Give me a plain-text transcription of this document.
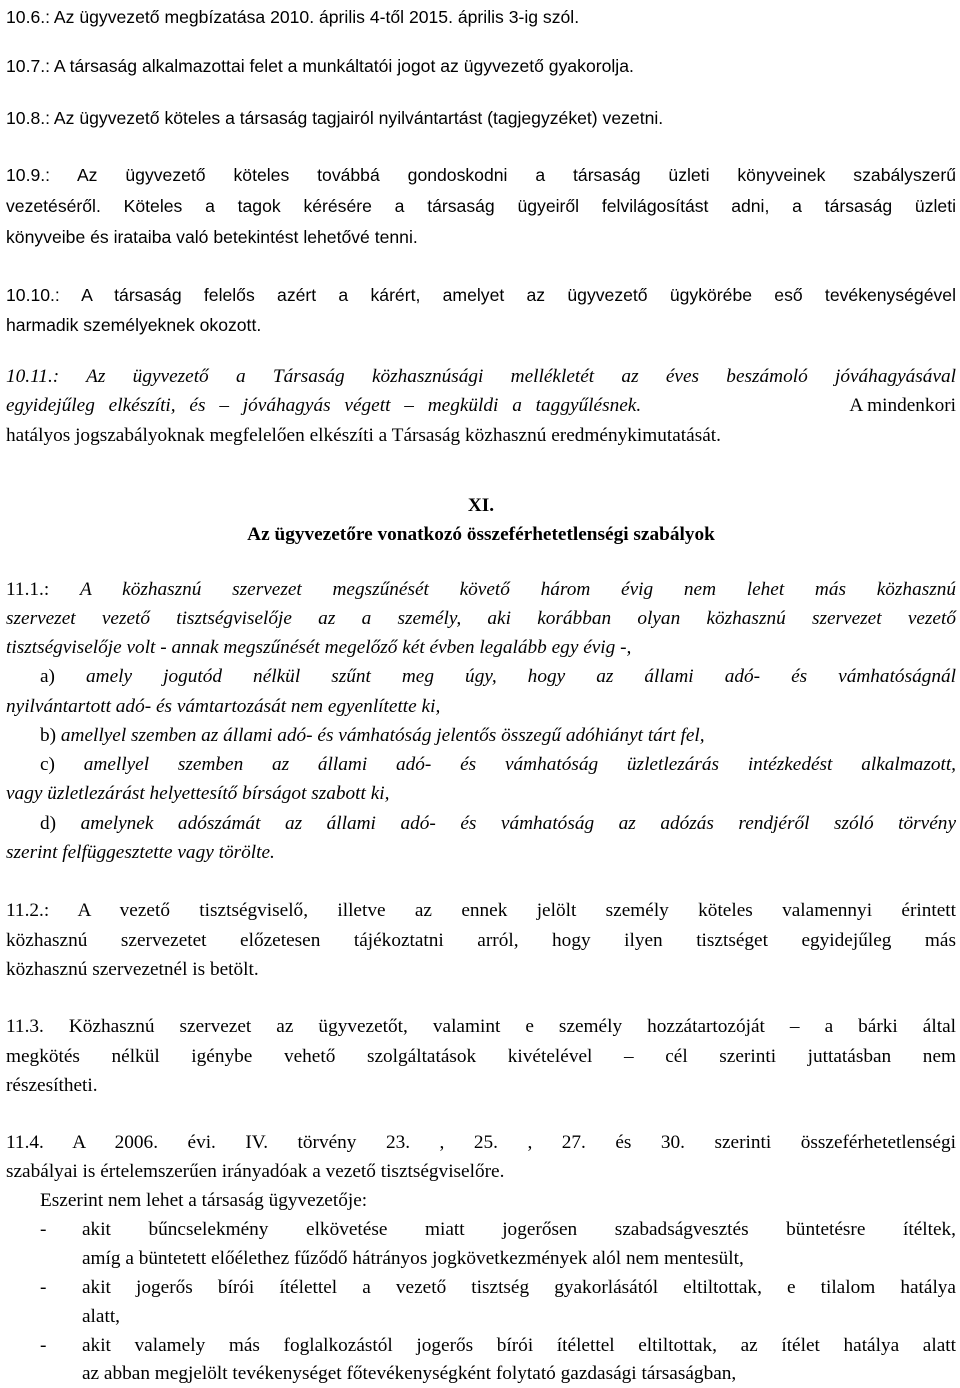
10.6.: Az ügyvezető megbízatása 2010. április 4-től 2015. április 3-ig szól.
10.7.: A társaság alkalmazottai felet a munkáltatói jogot az ügyvezető gyakorolja.
10.8.: Az ügyvezető köteles a társaság tagjairól nyilvántartást (tagjegyzéket) vezetni.
10.9.: Az ügyvezető köteles továbbá gondoskodni a társaság üzleti könyveinek szabályszerű
vezetéséről. Köteles a tagok kérésére a társaság ügyeiről felvilágosítást adni, a társaság üzleti
könyveibe és irataiba való betekintést lehetővé tenni.
10.10.: A társaság felelős azért a kárért, amelyet az ügyvezető ügykörébe eső tevékenységével
harmadik személyeknek okozott.
10.11.: Az ügyvezető a Társaság közhasznúsági mellékletét az éves beszámoló jóváhagyásával
egyidejűleg elkészíti, és – jóváhagyás végett – megküldi a taggyűlésnek.	A mindenkori
hatályos jogszabályoknak megfelelően elkészíti a Társaság közhasznú eredménykimutatását.
XI.
Az ügyvezetőre vonatkozó összeférhetetlenségi szabályok
11.1.: A közhasznú szervezet megszűnését követő három évig nem lehet más közhasznú
szervezet vezető tisztségviselője az a személy, aki korábban olyan közhasznú szervezet vezető
tisztségviselője volt - annak megszűnését megelőző két évben legalább egy évig -,
a) amely jogutód nélkül szűnt meg úgy, hogy az állami adó- és vámhatóságnál
nyilvántartott adó- és vámtartozását nem egyenlítette ki,
b) amellyel szemben az állami adó- és vámhatóság jelentős összegű adóhiányt tárt fel,
c) amellyel szemben az állami adó- és vámhatóság üzletlezárás intézkedést alkalmazott,
vagy üzletlezárást helyettesítő bírságot szabott ki,
d) amelynek adószámát az állami adó- és vámhatóság az adózás rendjéről szóló törvény
szerint felfüggesztette vagy törölte.
11.2.: A vezető tisztségviselő, illetve az ennek jelölt személy köteles valamennyi érintett
közhasznú szervezetet előzetesen tájékoztatni arról, hogy ilyen tisztséget egyidejűleg más
közhasznú szervezetnél is betölt.
11.3. Közhasznú szervezet az ügyvezetőt, valamint e személy hozzátartozóját – a bárki által
megkötés nélkül igénybe vehető szolgáltatások kivételével – cél szerinti juttatásban nem
részesítheti.
11.4. A 2006. évi. IV. törvény 23. , 25. , 27. és 30. szerinti összeférhetetlenségi
szabályai is értelemszerűen irányadóak a vezető tisztségviselőre.
Eszerint nem lehet a társaság ügyvezetője:
- akit bűncselekmény elkövetése miatt jogerősen szabadságvesztés büntetésre ítéltek,
amíg a büntetett előélethez fűződő hátrányos jogkövetkezmények alól nem mentesült,
- akit jogerős bírói ítélettel a vezető tisztség gyakorlásától eltiltottak, e tilalom hatálya
alatt,
- akit valamely más foglalkozástól jogerős bírói ítélettel eltiltottak, az ítélet hatálya alatt
az abban megjelölt tevékenységet főtevékenységként folytató gazdasági társaságban,
